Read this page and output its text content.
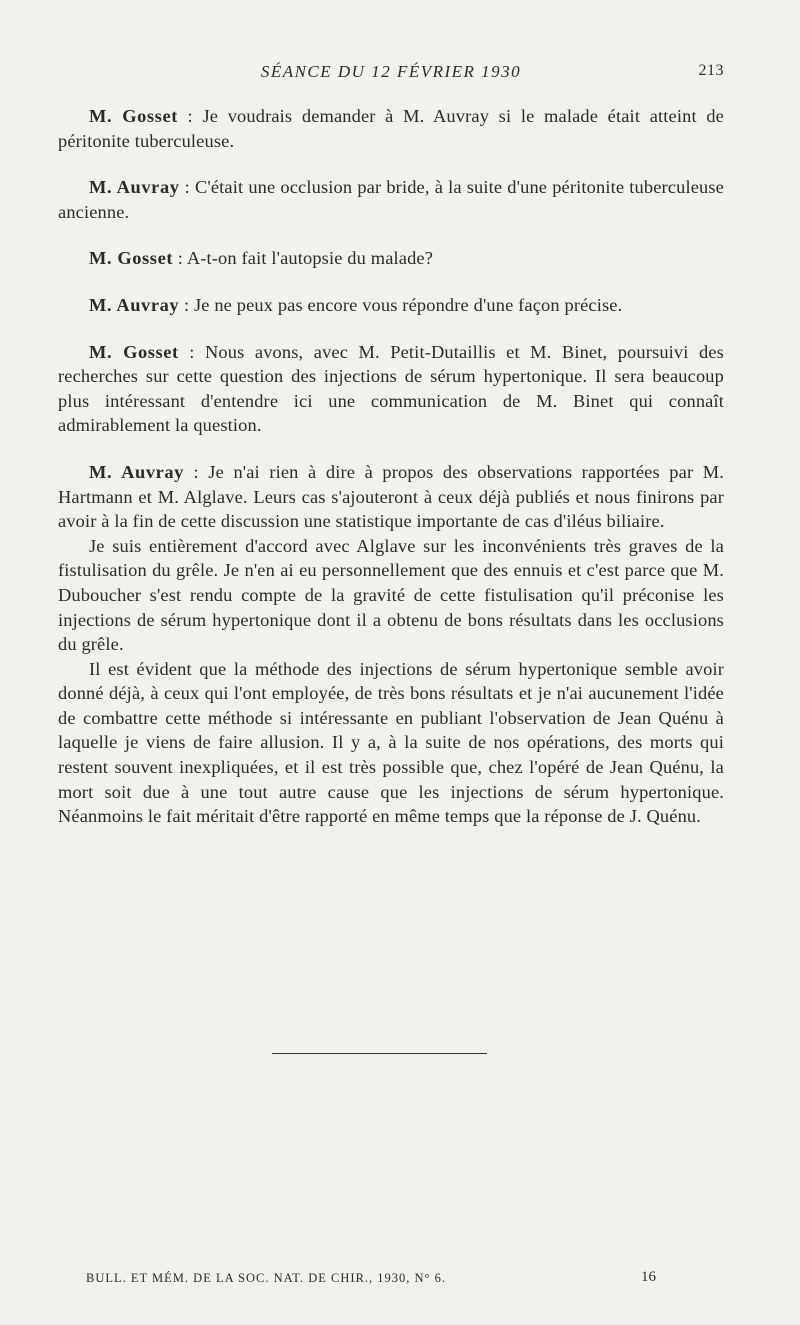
SÉANCE DU 12 FÉVRIER 1930	213

M. Gosset : Je voudrais demander à M. Auvray si le malade était atteint de péritonite tuberculeuse.

M. Auvray : C'était une occlusion par bride, à la suite d'une péritonite tuberculeuse ancienne.

M. Gosset : A-t-on fait l'autopsie du malade?

M. Auvray : Je ne peux pas encore vous répondre d'une façon précise.

M. Gosset : Nous avons, avec M. Petit-Dutaillis et M. Binet, poursuivi des recherches sur cette question des injections de sérum hypertonique. Il sera beaucoup plus intéressant d'entendre ici une communication de M. Binet qui connaît admirablement la question.

M. Auvray : Je n'ai rien à dire à propos des observations rapportées par M. Hartmann et M. Alglave. Leurs cas s'ajouteront à ceux déjà publiés et nous finirons par avoir à la fin de cette discussion une statistique importante de cas d'iléus biliaire.

Je suis entièrement d'accord avec Alglave sur les inconvénients très graves de la fistulisation du grêle. Je n'en ai eu personnellement que des ennuis et c'est parce que M. Duboucher s'est rendu compte de la gravité de cette fistulisation qu'il préconise les injections de sérum hypertonique dont il a obtenu de bons résultats dans les occlusions du grêle.

Il est évident que la méthode des injections de sérum hypertonique semble avoir donné déjà, à ceux qui l'ont employée, de très bons résultats et je n'ai aucunement l'idée de combattre cette méthode si intéressante en publiant l'observation de Jean Quénu à laquelle je viens de faire allusion. Il y a, à la suite de nos opérations, des morts qui restent souvent inexpliquées, et il est très possible que, chez l'opéré de Jean Quénu, la mort soit due à une tout autre cause que les injections de sérum hypertonique. Néanmoins le fait méritait d'être rapporté en même temps que la réponse de J. Quénu.

BULL. ET MÉM. DE LA SOC. NAT. DE CHIR., 1930, N° 6.	16
